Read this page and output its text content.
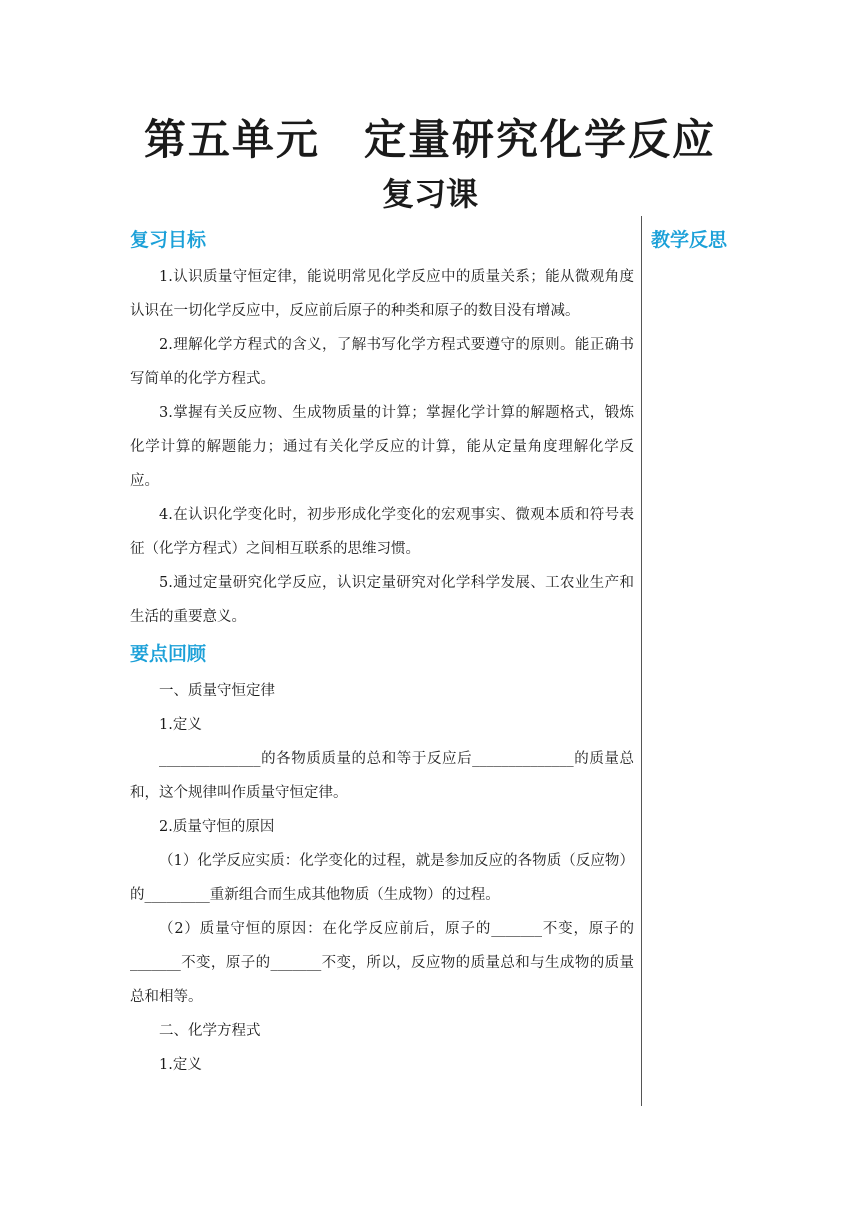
第五单元　定量研究化学反应
复习课
教学反思
复习目标

1.认识质量守恒定律，能说明常见化学反应中的质量关系；能从微观角度认识在一切化学反应中，反应前后原子的种类和原子的数目没有增减。

2.理解化学方程式的含义，了解书写化学方程式要遵守的原则。能正确书写简单的化学方程式。

3.掌握有关反应物、生成物质量的计算；掌握化学计算的解题格式，锻炼化学计算的解题能力；通过有关化学反应的计算，能从定量角度理解化学反应。

4.在认识化学变化时，初步形成化学变化的宏观事实、微观本质和符号表征（化学方程式）之间相互联系的思维习惯。

5.通过定量研究化学反应，认识定量研究对化学科学发展、工农业生产和生活的重要意义。

要点回顾

一、质量守恒定律

1.定义

______________的各物质质量的总和等于反应后______________的质量总和，这个规律叫作质量守恒定律。

2.质量守恒的原因

（1）化学反应实质：化学变化的过程，就是参加反应的各物质（反应物）的_________重新组合而生成其他物质（生成物）的过程。

（2）质量守恒的原因：在化学反应前后，原子的_______不变，原子的_______不变，原子的_______不变，所以，反应物的质量总和与生成物的质量总和相等。

二、化学方程式

1.定义
